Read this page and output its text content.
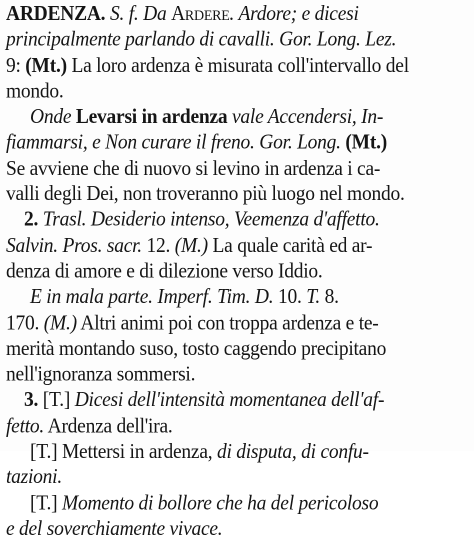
ARDENZA. S. f. Da Ardere. Ardore; e dicesi
principalmente parlando di cavalli. Gor. Long. Lez.
9: (Mt.) La loro ardenza è misurata coll'intervallo del
mondo.
Onde Levarsi in ardenza vale Accendersi, In-
fiammarsi, e Non curare il freno. Gor. Long. (Mt.)
Se avviene che di nuovo si levino in ardenza i ca-
valli degli Dei, non troveranno più luogo nel mondo.
2. Trasl. Desiderio intenso, Veemenza d'affetto.
Salvin. Pros. sacr. 12. (M.) La quale carità ed ar-
denza di amore e di dilezione verso Iddio.
E in mala parte. Imperf. Tim. D. 10. T. 8.
170. (M.) Altri animi poi con troppa ardenza e te-
merità montando suso, tosto caggendo precipitano
nell'ignoranza sommersi.
3. [T.] Dicesi dell'intensità momentanea dell'af-
fetto. Ardenza dell'ira.
[T.] Mettersi in ardenza, di disputa, di confu-
tazioni.
[T.] Momento di bollore che ha del pericoloso
e del soverchiamente vivace.
